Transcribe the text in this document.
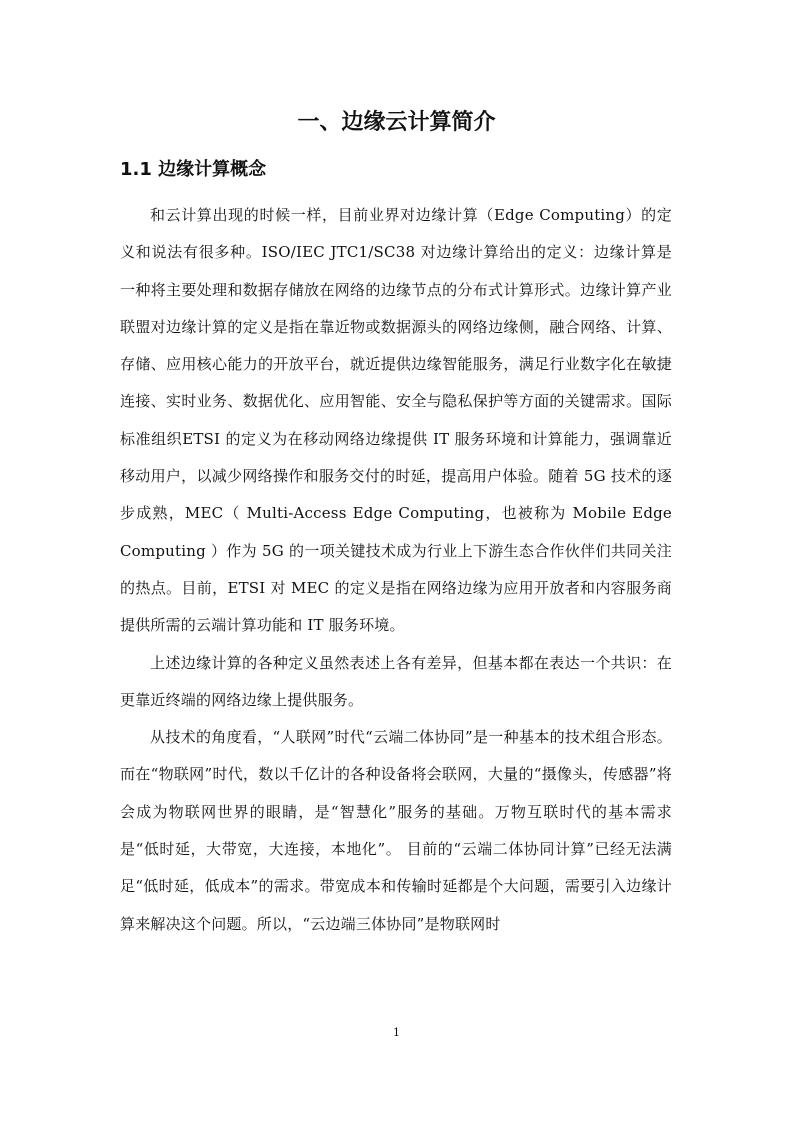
一、边缘云计算简介
1.1 边缘计算概念

和云计算出现的时候一样，目前业界对边缘计算（Edge Computing）的定义和说法有很多种。ISO/IEC JTC1/SC38 对边缘计算给出的定义：边缘计算是一种将主要处理和数据存储放在网络的边缘节点的分布式计算形式。边缘计算产业联盟对边缘计算的定义是指在靠近物或数据源头的网络边缘侧，融合网络、计算、存储、应用核心能力的开放平台，就近提供边缘智能服务，满足行业数字化在敏捷连接、实时业务、数据优化、应用智能、安全与隐私保护等方面的关键需求。国际标准组织ETSI 的定义为在移动网络边缘提供 IT 服务环境和计算能力，强调靠近移动用户，以减少网络操作和服务交付的时延，提高用户体验。随着 5G 技术的逐步成熟，MEC（ Multi-Access Edge Computing，也被称为 Mobile Edge Computing ）作为 5G 的一项关键技术成为行业上下游生态合作伙伴们共同关注的热点。目前，ETSI 对 MEC 的定义是指在网络边缘为应用开放者和内容服务商提供所需的云端计算功能和 IT 服务环境。

上述边缘计算的各种定义虽然表述上各有差异，但基本都在表达一个共识：在更靠近终端的网络边缘上提供服务。

从技术的角度看，“人联网”时代“云端二体协同”是一种基本的技术组合形态。而在“物联网”时代，数以千亿计的各种设备将会联网，大量的“摄像头，传感器”将会成为物联网世界的眼睛，是“智慧化”服务的基础。万物互联时代的基本需求是“低时延，大带宽，大连接，本地化”。 目前的“云端二体协同计算”已经无法满足“低时延，低成本”的需求。带宽成本和传输时延都是个大问题，需要引入边缘计算来解决这个问题。所以，“云边端三体协同”是物联网时

1
